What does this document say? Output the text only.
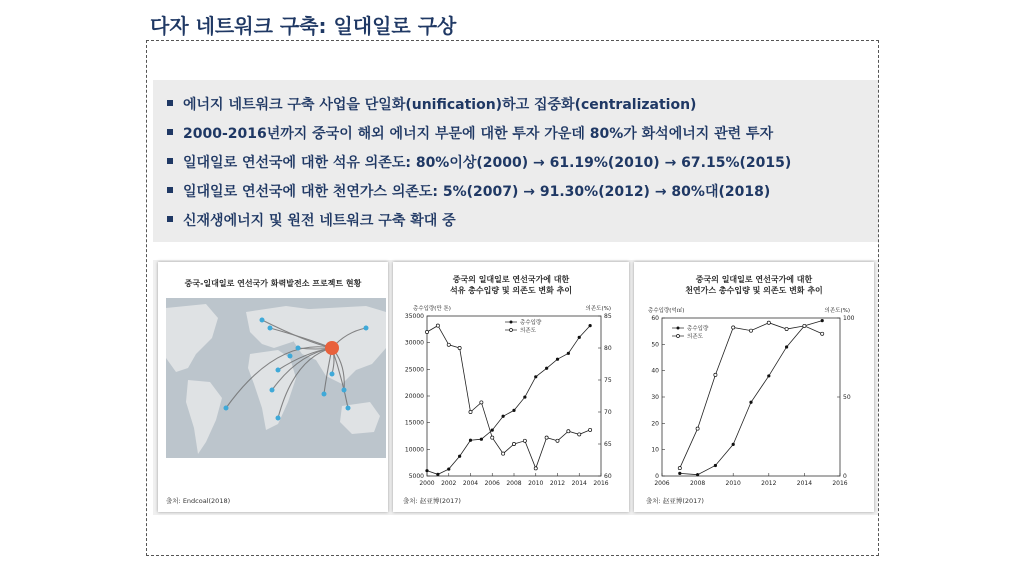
다자 네트워크 구축: 일대일로 구상
에너지 네트워크 구축 사업을 단일화(unification)하고 집중화(centralization)
2000-2016년까지 중국이 해외 에너지 부문에 대한 투자 가운데 80%가 화석에너지 관련 투자
일대일로 연선국에 대한 석유 의존도: 80%이상(2000) → 61.19%(2010) → 67.15%(2015)
일대일로 연선국에 대한 천연가스 의존도: 5%(2007) → 91.30%(2012) → 80%대(2018)
신재생에너지 및 원전 네트워크 구축 확대 중
중국-일대일로 연선국가 화력발전소 프로젝트 현황
출처: Endcoal(2018)
중국의 일대일로 연선국가에 대한
석유 총수입량 및 의존도 변화 추이
총수입량(만 톤)	의존도(%)
5000
10000
15000
20000
25000
30000
35000
60
65
70
75
80
85
2000 2002 2004 2006 2008 2010 2012 2014 2016
총수입량
의존도
출처: 赵亚博(2017)
중국의 일대일로 연선국가에 대한
천연가스 총수입량 및 의존도 변화 추이
총수입량(억㎥)	의존도(%)
0
10
20
30
40
50
60
0
50
100
2006	2008	2010	2012	2014	2016
총수입량
의존도
출처: 赵亚博(2017)
